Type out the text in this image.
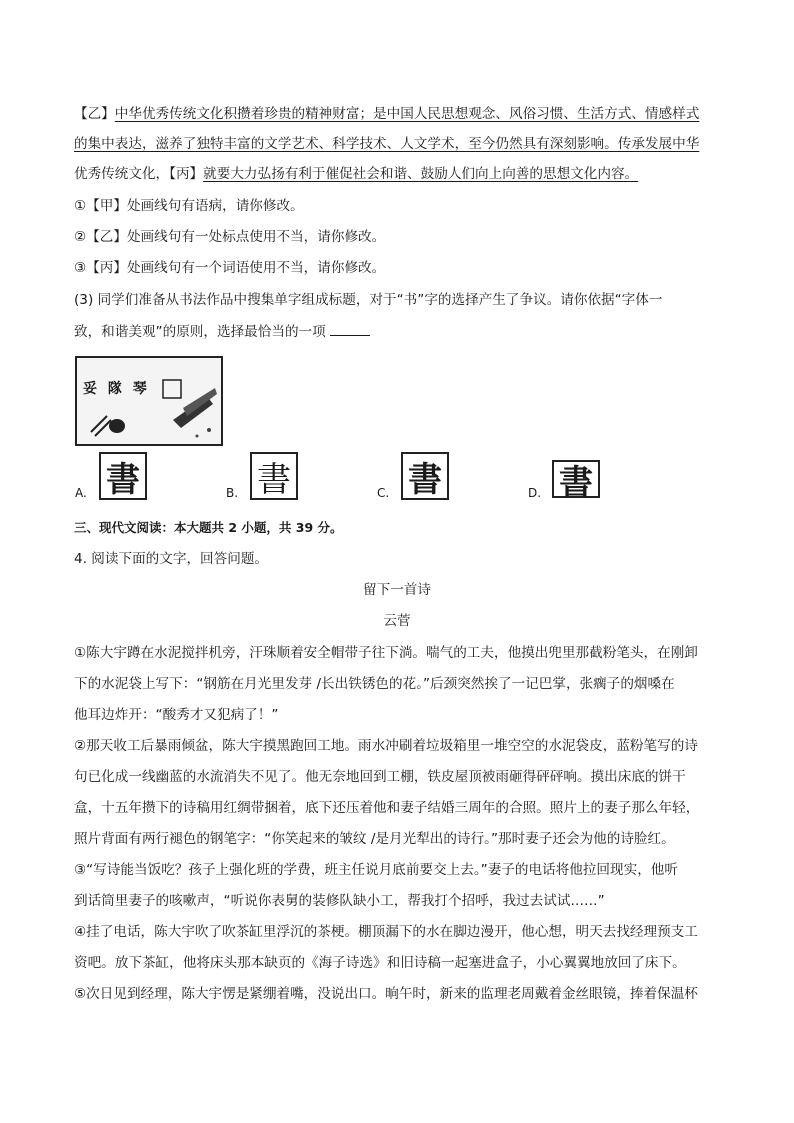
【乙】中华优秀传统文化积攒着珍贵的精神财富；是中国人民思想观念、风俗习惯、生活方式、情感样式
的集中表达，滋养了独特丰富的文学艺术、科学技术、人文学术，至今仍然具有深刻影响。传承发展中华
优秀传统文化，【丙】就要大力弘扬有利于催促社会和谐、鼓励人们向上向善的思想文化内容。
①【甲】处画线句有语病，请你修改。
②【乙】处画线句有一处标点使用不当，请你修改。
③【丙】处画线句有一个词语使用不当，请你修改。
(3) 同学们准备从书法作品中搜集单字组成标题，对于“书”字的选择产生了争议。请你依据“字体一
致，和谐美观”的原则，选择最恰当的一项
妥 隊 琴
A. 書	B. 書	C. 書	D. 書
三、现代文阅读：本大题共 2 小题，共 39 分。
4. 阅读下面的文字，回答问题。
留下一首诗
云菅
①陈大宇蹲在水泥搅拌机旁，汗珠顺着安全帽带子往下淌。喘气的工夫，他摸出兜里那截粉笔头，在刚卸
下的水泥袋上写下：“钢筋在月光里发芽 /长出铁锈色的花。”后颈突然挨了一记巴掌，张瘸子的烟嗓在
他耳边炸开：“酸秀才又犯病了！”
②那天收工后暴雨倾盆，陈大宇摸黑跑回工地。雨水冲刷着垃圾箱里一堆空空的水泥袋皮，蓝粉笔写的诗
句已化成一线幽蓝的水流消失不见了。他无奈地回到工棚，铁皮屋顶被雨砸得砰砰响。摸出床底的饼干
盒，十五年攒下的诗稿用红绸带捆着，底下还压着他和妻子结婚三周年的合照。照片上的妻子那么年轻，
照片背面有两行褪色的钢笔字：“你笑起来的皱纹 /是月光犁出的诗行。”那时妻子还会为他的诗脸红。
③“写诗能当饭吃？孩子上强化班的学费，班主任说月底前要交上去。”妻子的电话将他拉回现实，他听
到话筒里妻子的咳嗽声，“听说你表舅的装修队缺小工，帮我打个招呼，我过去试试……”
④挂了电话，陈大宇吹了吹茶缸里浮沉的茶梗。棚顶漏下的水在脚边漫开，他心想，明天去找经理预支工
资吧。放下茶缸，他将床头那本缺页的《海子诗选》和旧诗稿一起塞进盒子，小心翼翼地放回了床下。
⑤次日见到经理，陈大宇愣是紧绷着嘴，没说出口。晌午时，新来的监理老周戴着金丝眼镜，捧着保温杯
